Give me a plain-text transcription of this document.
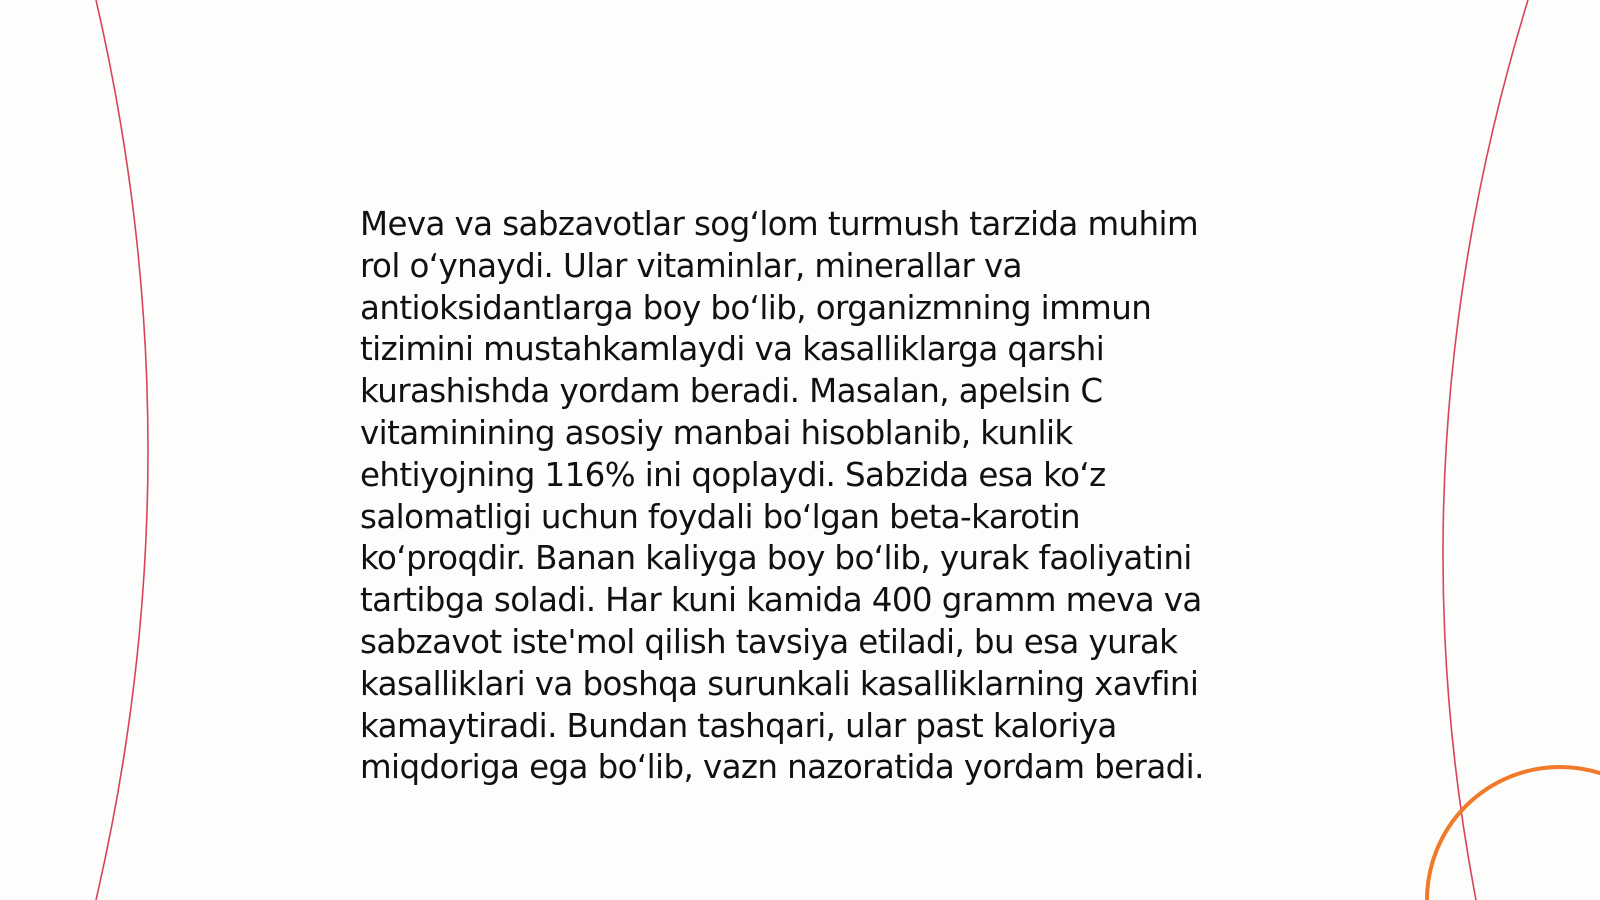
Meva va sabzavotlar sogʻlom turmush tarzida muhim
rol oʻynaydi. Ular vitaminlar, minerallar va
antioksidantlarga boy boʻlib, organizmning immun
tizimini mustahkamlaydi va kasalliklarga qarshi
kurashishda yordam beradi. Masalan, apelsin C
vitaminining asosiy manbai hisoblanib, kunlik
ehtiyojning 116% ini qoplaydi. Sabzida esa koʻz
salomatligi uchun foydali boʻlgan beta-karotin
koʻproqdir. Banan kaliyga boy boʻlib, yurak faoliyatini
tartibga soladi. Har kuni kamida 400 gramm meva va
sabzavot iste'mol qilish tavsiya etiladi, bu esa yurak
kasalliklari va boshqa surunkali kasalliklarning xavfini
kamaytiradi. Bundan tashqari, ular past kaloriya
miqdoriga ega boʻlib, vazn nazoratida yordam beradi.
